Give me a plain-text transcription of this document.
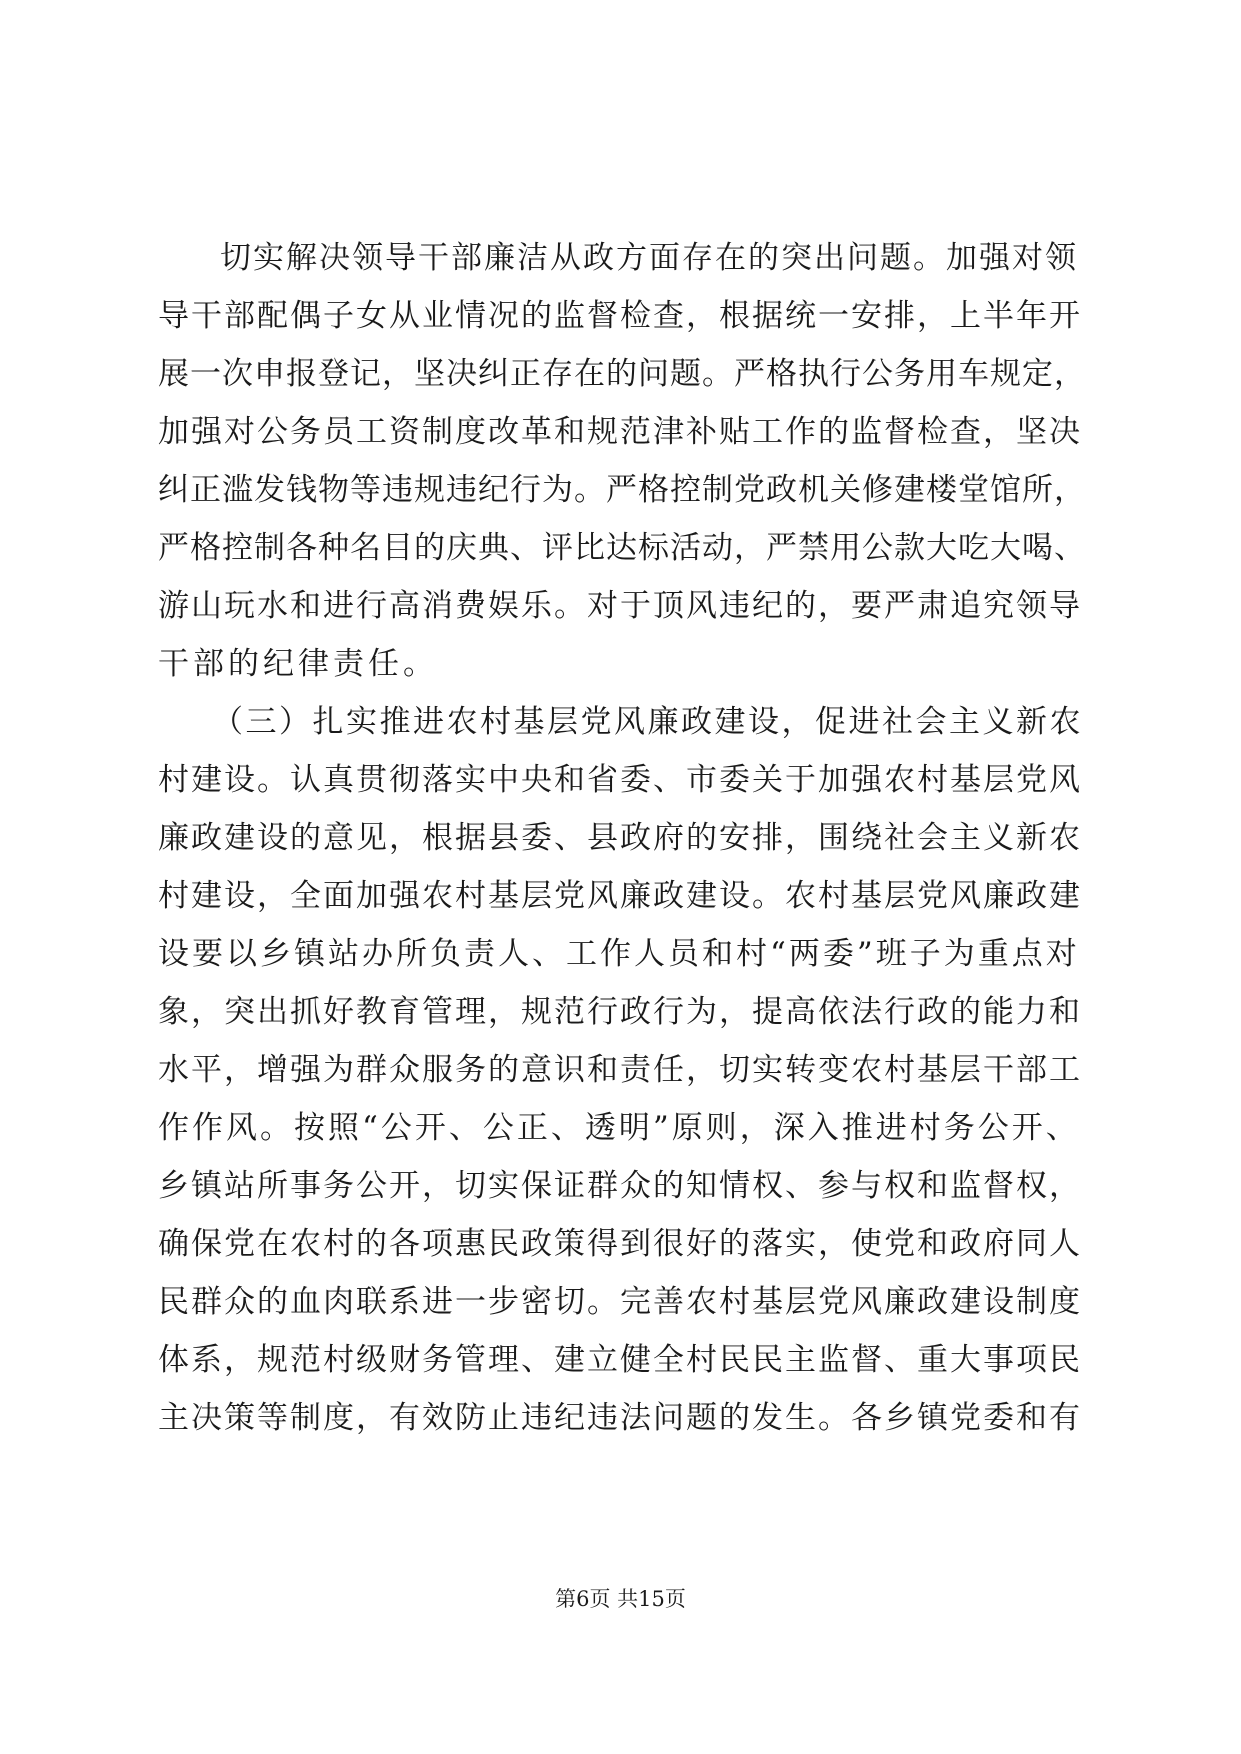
切实解决领导干部廉洁从政方面存在的突出问题。加强对领
导干部配偶子女从业情况的监督检查，根据统一安排，上半年开
展一次申报登记，坚决纠正存在的问题。严格执行公务用车规定，
加强对公务员工资制度改革和规范津补贴工作的监督检查，坚决
纠正滥发钱物等违规违纪行为。严格控制党政机关修建楼堂馆所，
严格控制各种名目的庆典、评比达标活动，严禁用公款大吃大喝、
游山玩水和进行高消费娱乐。对于顶风违纪的，要严肃追究领导
干部的纪律责任。
（三）扎实推进农村基层党风廉政建设，促进社会主义新农
村建设。认真贯彻落实中央和省委、市委关于加强农村基层党风
廉政建设的意见，根据县委、县政府的安排，围绕社会主义新农
村建设，全面加强农村基层党风廉政建设。农村基层党风廉政建
设要以乡镇站办所负责人、工作人员和村“两委”班子为重点对
象，突出抓好教育管理，规范行政行为，提高依法行政的能力和
水平，增强为群众服务的意识和责任，切实转变农村基层干部工
作作风。按照“公开、公正、透明”原则，深入推进村务公开、
乡镇站所事务公开，切实保证群众的知情权、参与权和监督权，
确保党在农村的各项惠民政策得到很好的落实，使党和政府同人
民群众的血肉联系进一步密切。完善农村基层党风廉政建设制度
体系，规范村级财务管理、建立健全村民民主监督、重大事项民
主决策等制度，有效防止违纪违法问题的发生。各乡镇党委和有
第6页 共15页
